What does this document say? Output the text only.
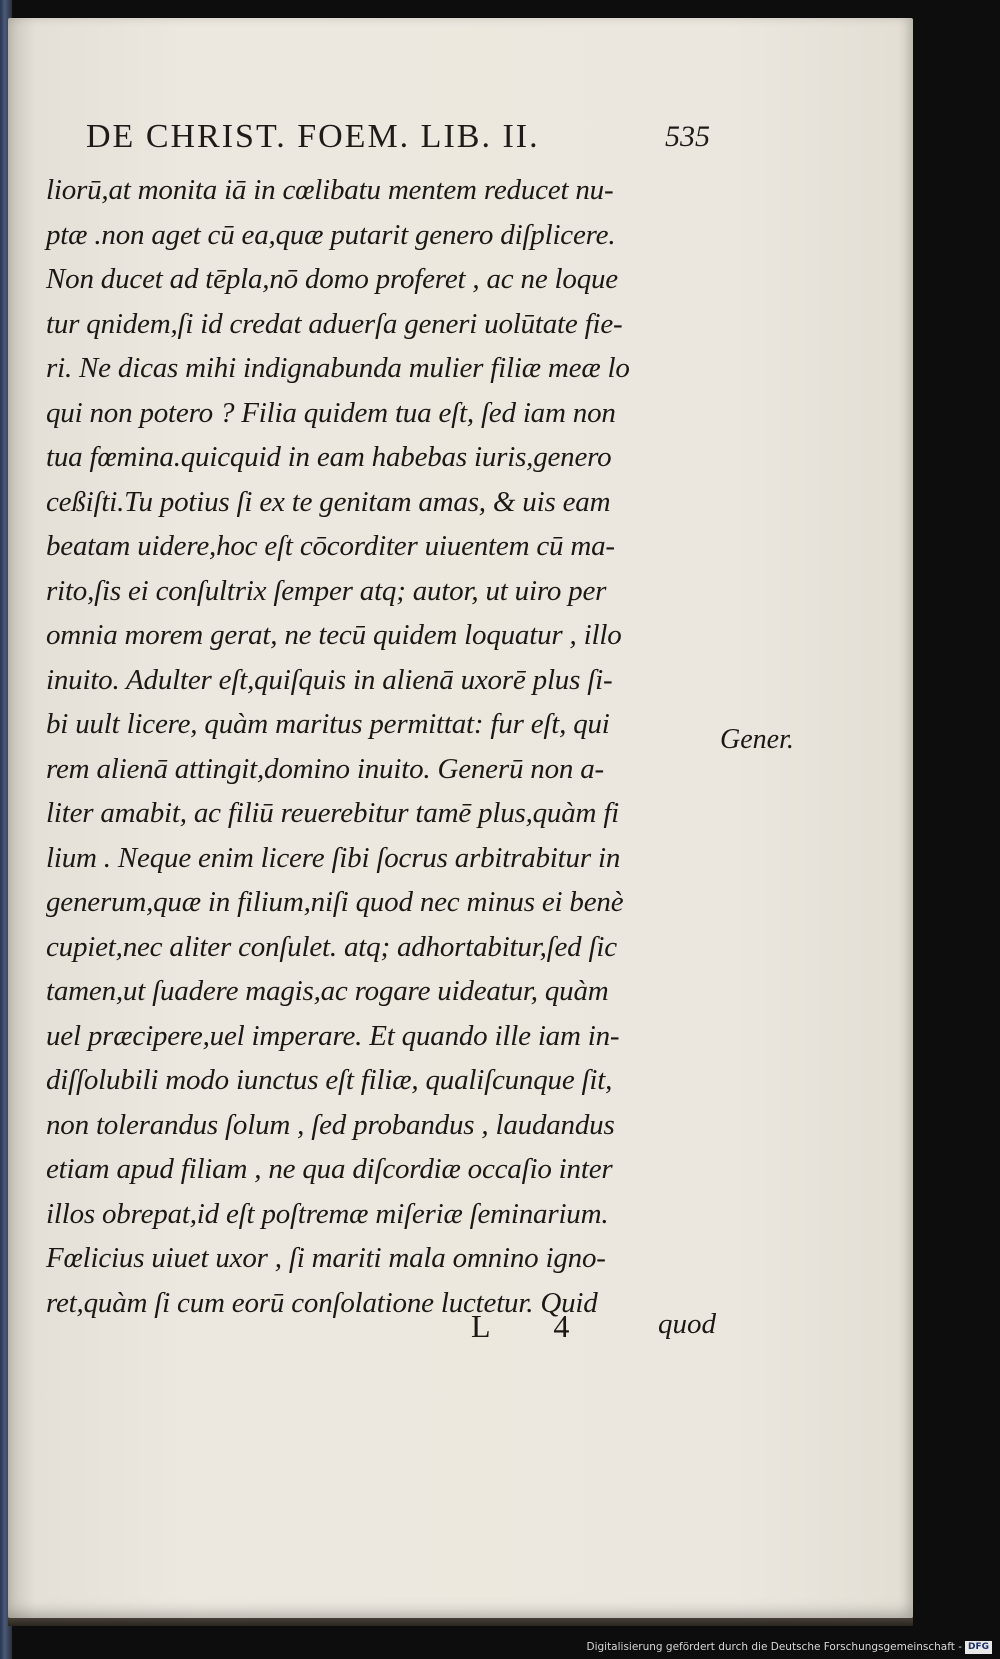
DE CHRIST. FOEM. LIB. II.	535
liorū,at monita iā in cœlibatu mentem reducet nu-
ptæ .non aget cū ea,quæ putarit genero diſplicere.
Non ducet ad tēpla,nō domo proferet , ac ne loque
tur qnidem,ſi id credat aduerſa generi uolūtate fie-
ri. Ne dicas mihi indignabunda mulier filiæ meæ lo
qui non potero ? Filia quidem tua eſt, ſed iam non
tua fœmina.quicquid in eam habebas iuris,genero
ceßiſti.Tu potius ſi ex te genitam amas, & uis eam
beatam uidere,hoc eſt cōcorditer uiuentem cū ma-
rito,ſis ei conſultrix ſemper atq; autor, ut uiro per
omnia morem gerat, ne tecū quidem loquatur , illo
inuito. Adulter eſt,quiſquis in alienā uxorē plus ſi-
bi uult licere, quàm maritus permittat: fur eſt, qui
rem alienā attingit,domino inuito. Generū non a-
liter amabit, ac filiū reuerebitur tamē plus,quàm fi
lium . Neque enim licere ſibi ſocrus arbitrabitur in
generum,quæ in filium,niſi quod nec minus ei benè
cupiet,nec aliter conſulet. atq; adhortabitur,ſed ſic
tamen,ut ſuadere magis,ac rogare uideatur, quàm
uel præcipere,uel imperare. Et quando ille iam in-
diſſolubili modo iunctus eſt filiæ, qualiſcunque ſit,
non tolerandus ſolum , ſed probandus , laudandus
etiam apud filiam , ne qua diſcordiæ occaſio inter
illos obrepat,id eſt poſtremæ miſeriæ ſeminarium.
Fœlicius uiuet uxor , ſi mariti mala omnino igno-
ret,quàm ſi cum eorū conſolatione luctetur. Quid
Gener.
L 4 quod
Digitalisierung gefördert durch die Deutsche Forschungsgemeinschaft - DFG
